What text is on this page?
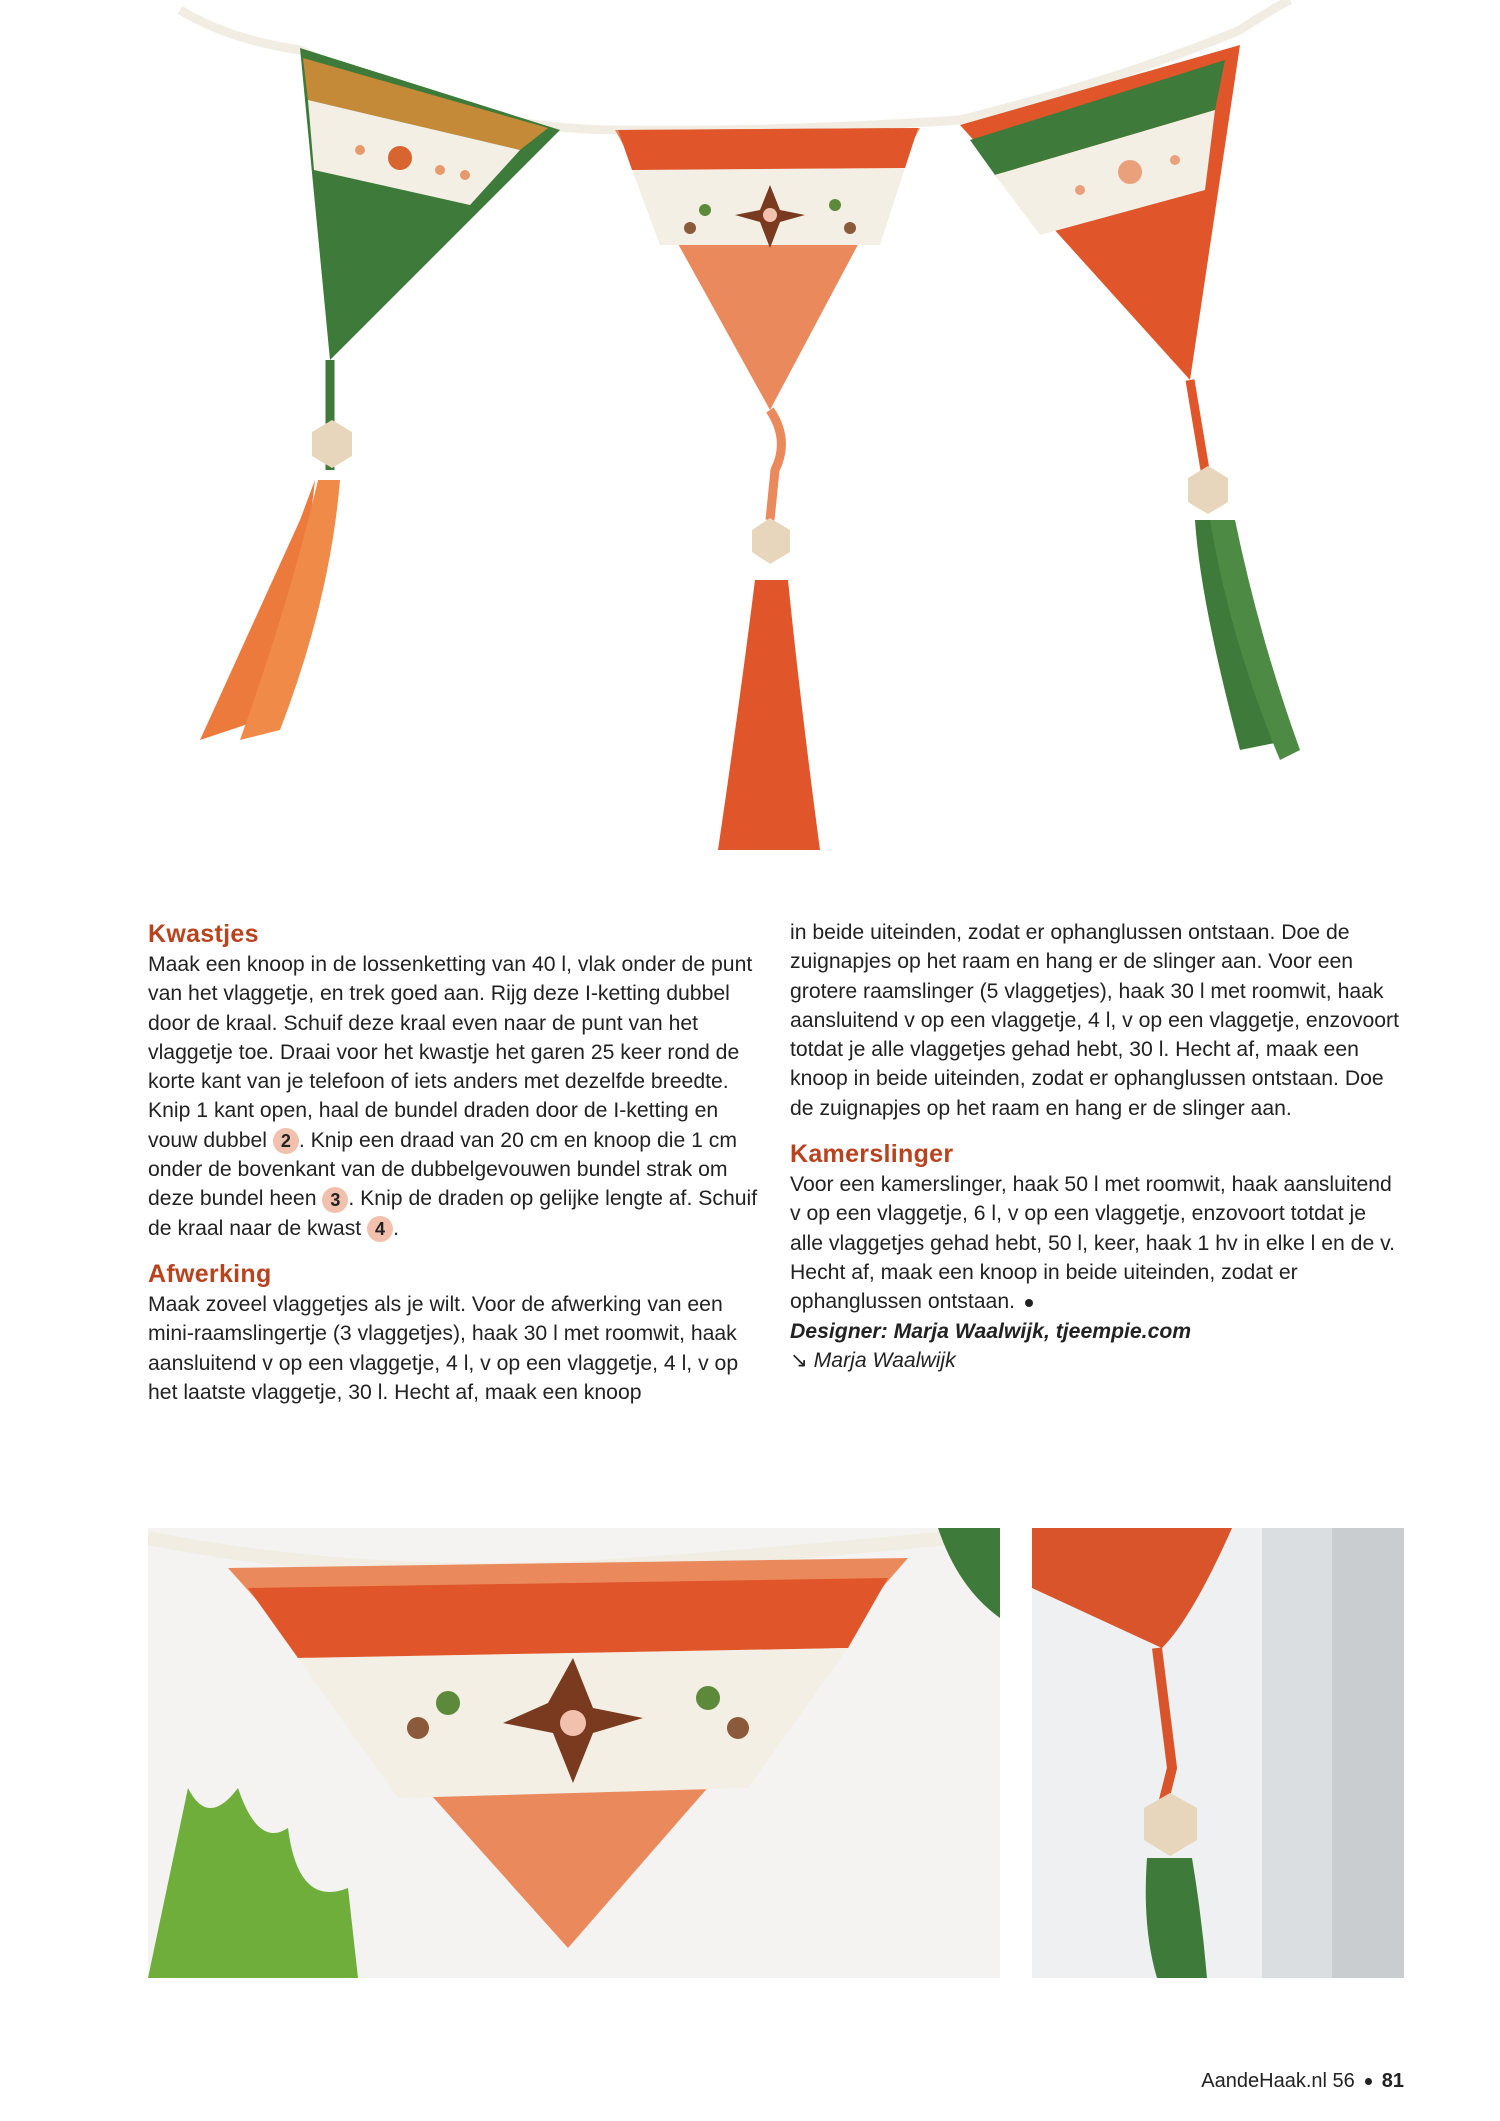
Kwastjes

Maak een knoop in de lossenketting van 40 l, vlak onder de punt van het vlaggetje, en trek goed aan. Rijg deze I-ketting dubbel door de kraal. Schuif deze kraal even naar de punt van het vlaggetje toe. Draai voor het kwastje het garen 25 keer rond de korte kant van je telefoon of iets anders met dezelfde breedte. Knip 1 kant open, haal de bundel draden door de I-ketting en vouw dubbel 2 . Knip een draad van 20 cm en knoop die 1 cm onder de bovenkant van de dubbelgevouwen bundel strak om deze bundel heen 3 . Knip de draden op gelijke lengte af. Schuif de kraal naar de kwast 4 .

Afwerking

Maak zoveel vlaggetjes als je wilt. Voor de afwerking van een mini-raamslingertje (3 vlaggetjes), haak 30 l met roomwit, haak aansluitend v op een vlaggetje, 4 l, v op een vlaggetje, 4 l, v op het laatste vlaggetje, 30 l. Hecht af, maak een knoop

in beide uiteinden, zodat er ophanglussen ontstaan. Doe de zuignapjes op het raam en hang er de slinger aan. Voor een grotere raamslinger (5 vlaggetjes), haak 30 l met roomwit, haak aansluitend v op een vlaggetje, 4 l, v op een vlaggetje, enzovoort totdat je alle vlaggetjes gehad hebt, 30 l. Hecht af, maak een knoop in beide uiteinden, zodat er ophanglussen ontstaan. Doe de zuignapjes op het raam en hang er de slinger aan.

Kamerslinger

Voor een kamerslinger, haak 50 l met roomwit, haak aansluitend v op een vlaggetje, 6 l, v op een vlaggetje, enzovoort totdat je alle vlaggetjes gehad hebt, 50 l, keer, haak 1 hv in elke l en de v. Hecht af, maak een knoop in beide uiteinden, zodat er ophanglussen ontstaan.

Designer: Marja Waalwijk, tjeempie.com

↘ Marja Waalwijk

AandeHaak.nl 56 81
